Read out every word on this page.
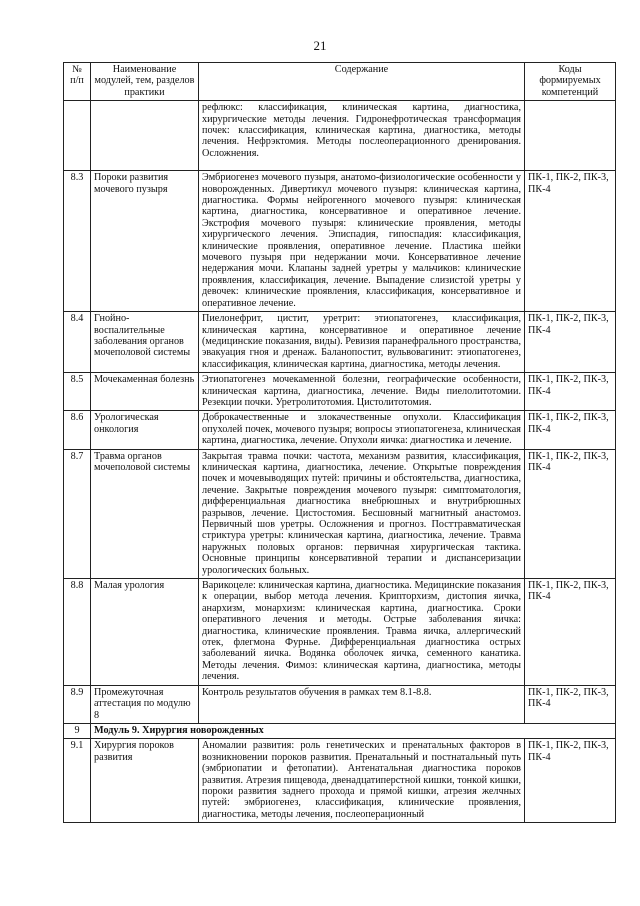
21
№ п/п	Наименование модулей, тем, разделов практики	Содержание	Коды формируемых компетенций
		рефлюкс: классификация, клиническая картина, диагностика, хирургические методы лечения. Гидронефротическая трансформация почек: классификация, клиническая картина, диагностика, методы лечения. Нефрэктомия. Методы послеоперационного дренирования. Осложнения.	
8.3	Пороки развития мочевого пузыря	Эмбриогенез мочевого пузыря, анатомо-физиологические особенности у новорожденных. Дивертикул мочевого пузыря: клиническая картина, диагностика. Формы нейрогенного мочевого пузыря: клиническая картина, диагностика, консервативное и оперативное лечение. Экстрофия мочевого пузыря: клинические проявления, методы хирургического лечения. Эписпадия, гипоспадия: классификация, клинические проявления, оперативное лечение. Пластика шейки мочевого пузыря при недержании мочи. Консервативное лечение недержания мочи. Клапаны задней уретры у мальчиков: клинические проявления, классификация, лечение. Выпадение слизистой уретры у девочек: клинические проявления, классификация, консервативное и оперативное лечение.	ПК-1, ПК-2, ПК-3, ПК-4
8.4	Гнойно-воспалительные заболевания органов мочеполовой системы	Пиелонефрит, цистит, уретрит: этиопатогенез, классификация, клиническая картина, консервативное и оперативное лечение (медицинские показания, виды). Ревизия паранефрального пространства, эвакуация гноя и дренаж. Баланопостит, вульвовагинит: этиопатогенез, классификация, клиническая картина, диагностика, методы лечения.	ПК-1, ПК-2, ПК-3, ПК-4
8.5	Мочекаменная болезнь	Этиопатогенез мочекаменной болезни, географические особенности, клиническая картина, диагностика, лечение. Виды пиелолитотомии. Резекции почки. Уретролитотомия. Цистолитотомия.	ПК-1, ПК-2, ПК-3, ПК-4
8.6	Урологическая онкология	Доброкачественные и злокачественные опухоли. Классификация опухолей почек, мочевого пузыря; вопросы этиопатогенеза, клиническая картина, диагностика, лечение. Опухоли яичка: диагностика и лечение.	ПК-1, ПК-2, ПК-3, ПК-4
8.7	Травма органов мочеполовой системы	Закрытая травма почки: частота, механизм развития, классификация, клиническая картина, диагностика, лечение. Открытые повреждения почек и мочевыводящих путей: причины и обстоятельства, диагностика, лечение. Закрытые повреждения мочевого пузыря: симптоматология, дифференциальная диагностика внебрюшных и внутрибрюшных разрывов, лечение. Цистостомия. Бесшовный магнитный анастомоз. Первичный шов уретры. Осложнения и прогноз. Посттравматическая стриктура уретры: клиническая картина, диагностика, лечение. Травма наружных половых органов: первичная хирургическая тактика. Основные принципы консервативной терапии и диспансеризации урологических больных.	ПК-1, ПК-2, ПК-3, ПК-4
8.8	Малая урология	Варикоцеле: клиническая картина, диагностика. Медицинские показания к операции, выбор метода лечения. Крипторхизм, дистопия яичка, анархизм, монархизм: клиническая картина, диагностика. Сроки оперативного лечения и методы. Острые заболевания яичка: диагностика, клинические проявления. Травма яичка, аллергический отек, флегмона Фурнье. Дифференциальная диагностика острых заболеваний яичка. Водянка оболочек яичка, семенного канатика. Методы лечения. Фимоз: клиническая картина, диагностика, методы лечения.	ПК-1, ПК-2, ПК-3, ПК-4
8.9	Промежуточная аттестация по модулю 8	Контроль результатов обучения в рамках тем 8.1-8.8.	ПК-1, ПК-2, ПК-3, ПК-4
9	Модуль 9. Хирургия новорожденных		
9.1	Хирургия пороков развития	Аномалии развития: роль генетических и пренатальных факторов в возникновении пороков развития. Пренатальный и постнатальный путь (эмбриопатии и фетопатии). Антенатальная диагностика пороков развития. Атрезия пищевода, двенадцатиперстной кишки, тонкой кишки, пороки развития заднего прохода и прямой кишки, атрезия желчных путей: эмбриогенез, классификация, клинические проявления, диагностика, методы лечения, послеоперационный	ПК-1, ПК-2, ПК-3, ПК-4
